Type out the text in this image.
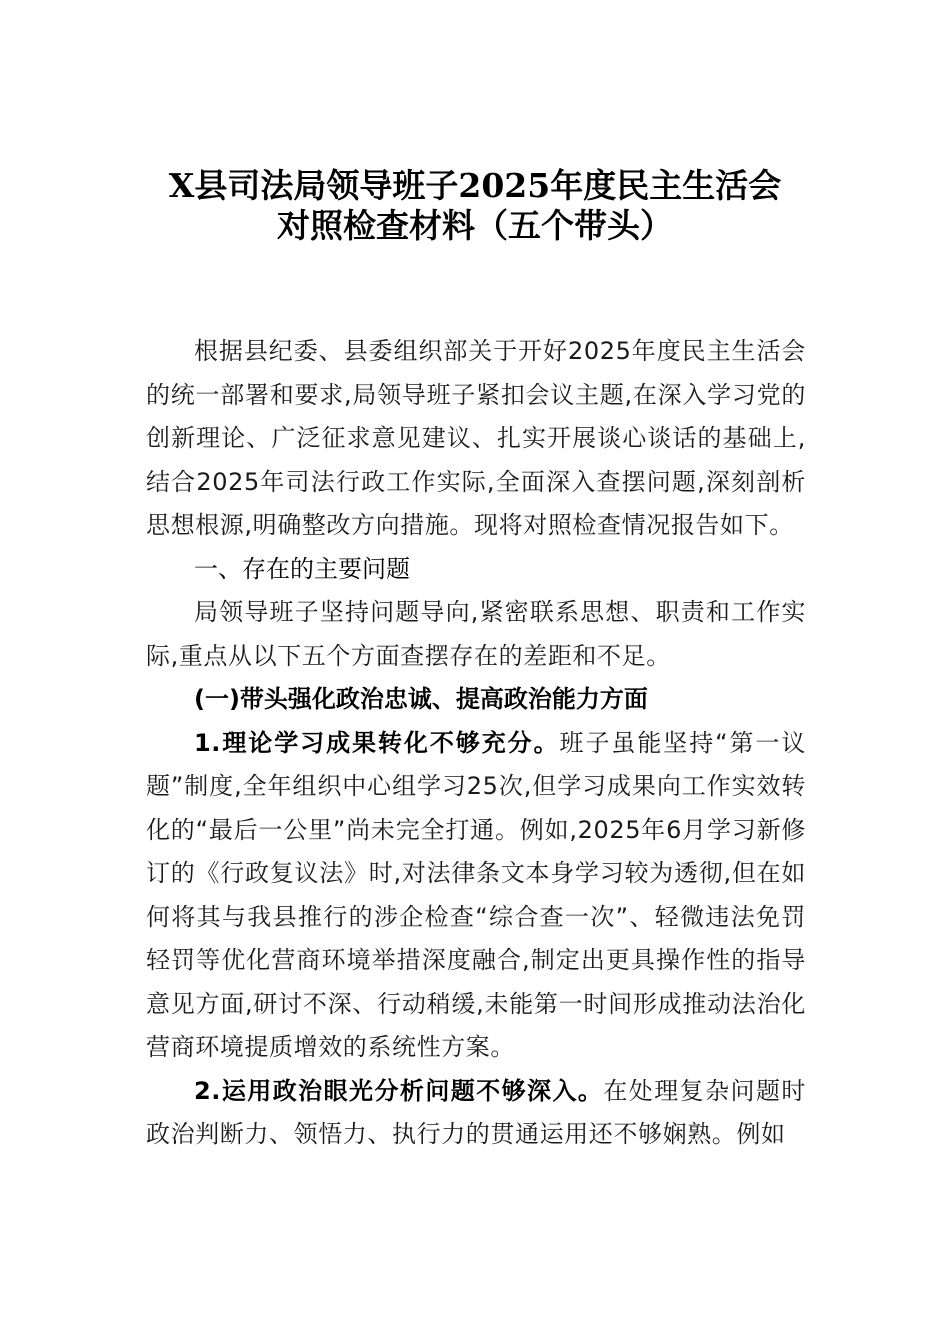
X县司法局领导班子2025年度民主生活会
对照检查材料（五个带头）

根据县纪委、县委组织部关于开好2025年度民主生活会的统一部署和要求,局领导班子紧扣会议主题,在深入学习党的创新理论、广泛征求意见建议、扎实开展谈心谈话的基础上,结合2025年司法行政工作实际,全面深入查摆问题,深刻剖析思想根源,明确整改方向措施。现将对照检查情况报告如下。

一、存在的主要问题

局领导班子坚持问题导向,紧密联系思想、职责和工作实际,重点从以下五个方面查摆存在的差距和不足。

(一)带头强化政治忠诚、提高政治能力方面

1.理论学习成果转化不够充分。班子虽能坚持“第一议题”制度,全年组织中心组学习25次,但学习成果向工作实效转化的“最后一公里”尚未完全打通。例如,2025年6月学习新修订的《行政复议法》时,对法律条文本身学习较为透彻,但在如何将其与我县推行的涉企检查“综合查一次”、轻微违法免罚轻罚等优化营商环境举措深度融合,制定出更具操作性的指导意见方面,研讨不深、行动稍缓,未能第一时间形成推动法治化营商环境提质增效的系统性方案。

2.运用政治眼光分析问题不够深入。在处理复杂问题时政治判断力、领悟力、执行力的贯通运用还不够娴熟。例如
